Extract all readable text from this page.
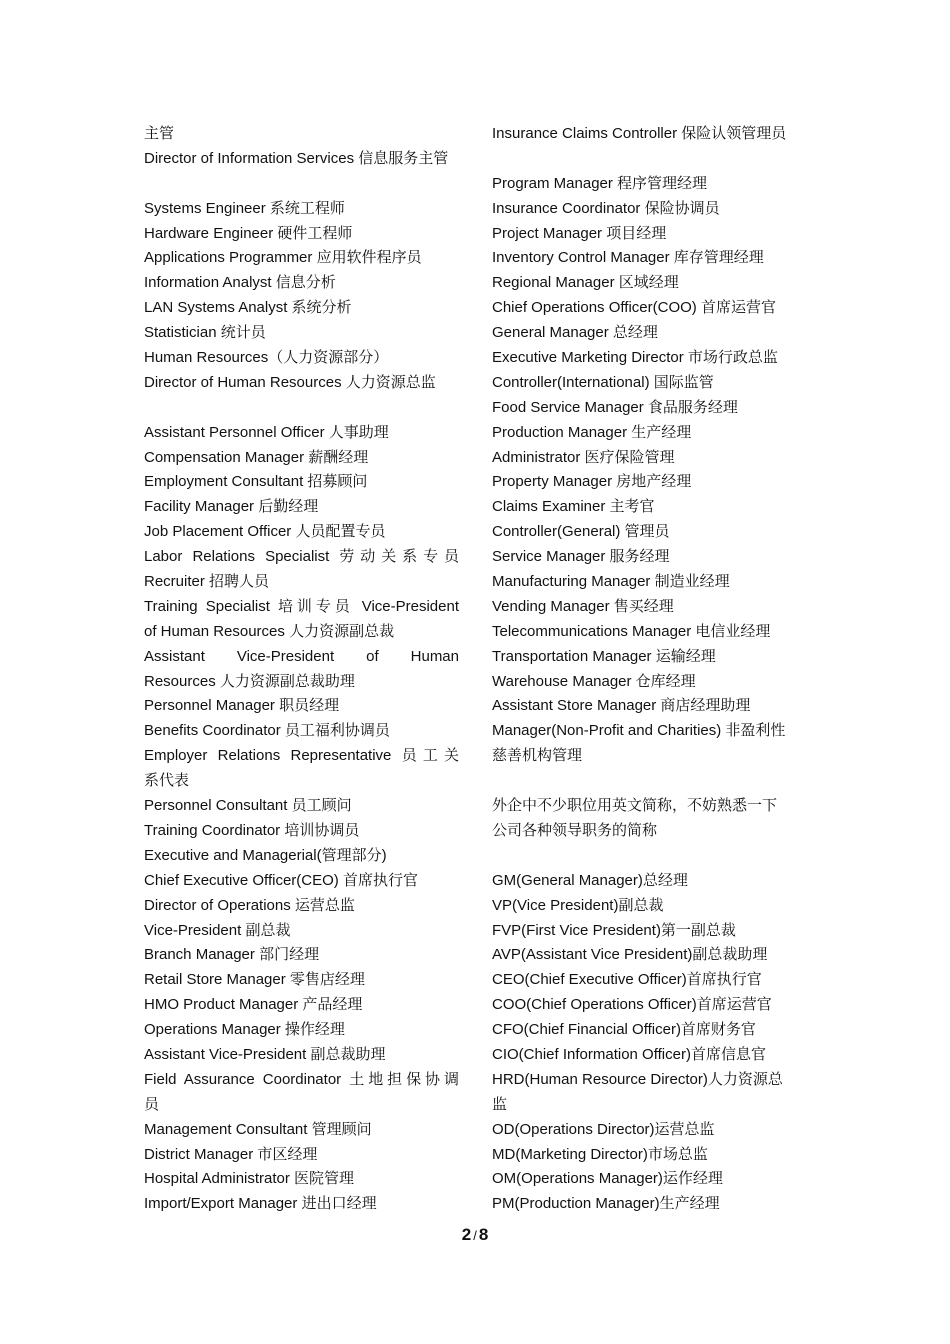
主管
Director of Information Services 信息服务主管

Systems Engineer 系统工程师
Hardware Engineer 硬件工程师
Applications Programmer 应用软件程序员
Information Analyst 信息分析
LAN Systems Analyst 系统分析
Statistician 统计员
Human Resources（人力资源部分）
Director of Human Resources 人力资源总监

Assistant Personnel Officer 人事助理
Compensation Manager 薪酬经理
Employment Consultant 招募顾问
Facility Manager 后勤经理
Job Placement Officer 人员配置专员
Labor Relations Specialist 劳动关系专员
Recruiter 招聘人员
Training Specialist 培训专员 Vice-President
of Human Resources 人力资源副总裁
Assistant Vice-President of Human
Resources 人力资源副总裁助理
Personnel Manager 职员经理
Benefits Coordinator 员工福利协调员
Employer Relations Representative 员工关
系代表
Personnel Consultant 员工顾问
Training Coordinator 培训协调员
Executive and Managerial(管理部分)
Chief Executive Officer(CEO) 首席执行官
Director of Operations 运营总监
Vice-President 副总裁
Branch Manager 部门经理
Retail Store Manager 零售店经理
HMO Product Manager 产品经理
Operations Manager 操作经理
Assistant Vice-President 副总裁助理
Field Assurance Coordinator 土地担保协调
员
Management Consultant 管理顾问
District Manager 市区经理
Hospital Administrator 医院管理
Import/Export Manager 进出口经理
Insurance Claims Controller 保险认领管理员

Program Manager 程序管理经理
Insurance Coordinator 保险协调员
Project Manager 项目经理
Inventory Control Manager 库存管理经理
Regional Manager 区域经理
Chief Operations Officer(COO) 首席运营官
General Manager 总经理
Executive Marketing Director 市场行政总监
Controller(International) 国际监管
Food Service Manager 食品服务经理
Production Manager 生产经理
Administrator 医疗保险管理
Property Manager 房地产经理
Claims Examiner 主考官
Controller(General) 管理员
Service Manager 服务经理
Manufacturing Manager 制造业经理
Vending Manager 售买经理
Telecommunications Manager 电信业经理
Transportation Manager 运输经理
Warehouse Manager 仓库经理
Assistant Store Manager 商店经理助理
Manager(Non-Profit and Charities) 非盈利性
慈善机构管理

外企中不少职位用英文简称，不妨熟悉一下
公司各种领导职务的简称

GM(General Manager)总经理
VP(Vice President)副总裁
FVP(First Vice President)第一副总裁
AVP(Assistant Vice President)副总裁助理
CEO(Chief Executive Officer)首席执行官
COO(Chief Operations Officer)首席运营官
CFO(Chief Financial Officer)首席财务官
CIO(Chief Information Officer)首席信息官
HRD(Human Resource Director)人力资源总
监
OD(Operations Director)运营总监
MD(Marketing Director)市场总监
OM(Operations Manager)运作经理
PM(Production Manager)生产经理
2 / 8
